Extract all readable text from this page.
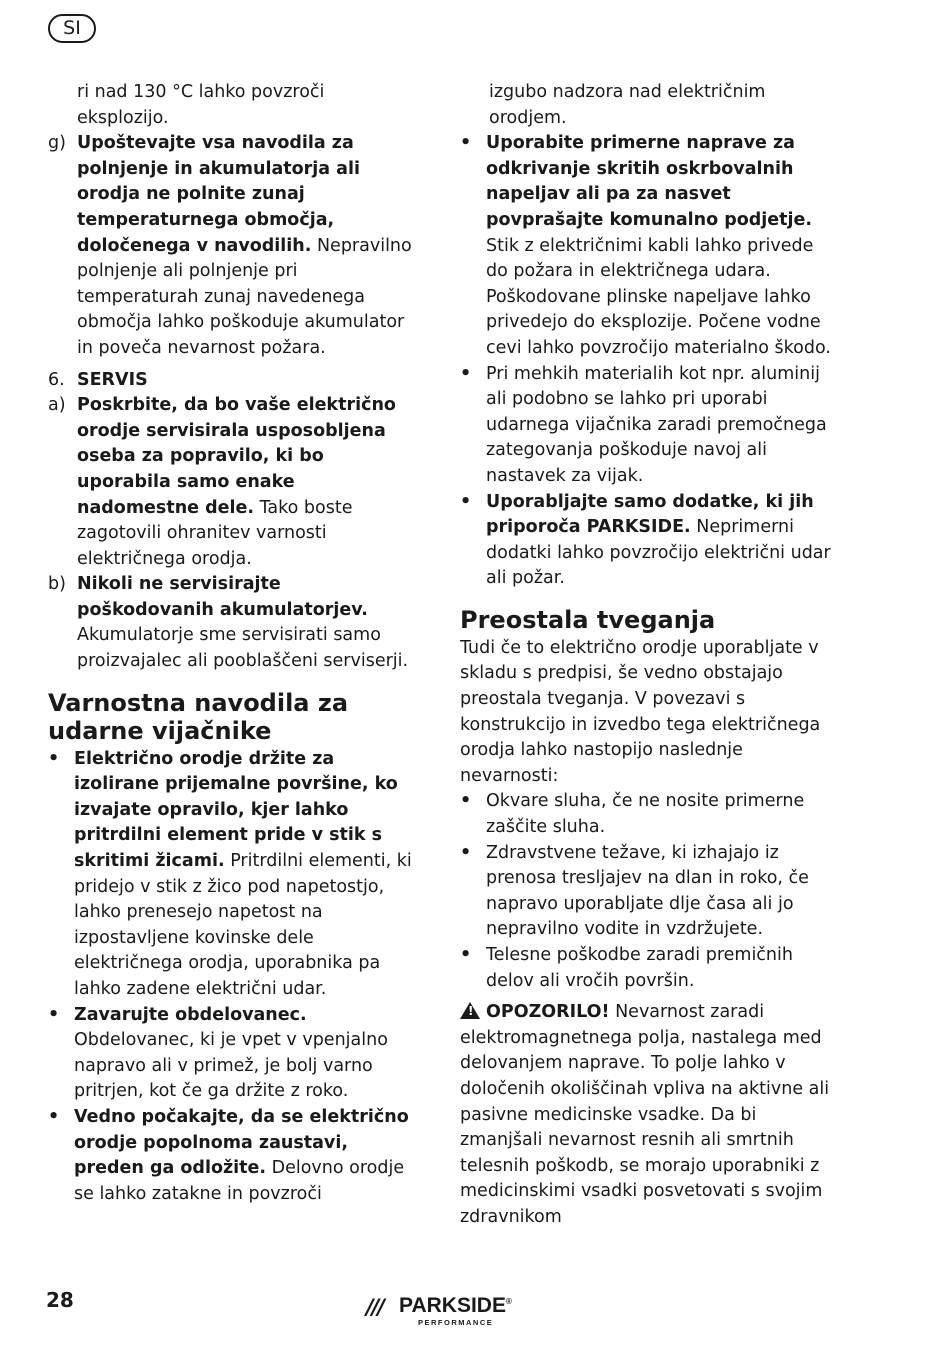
SI

ri nad 130 °C lahko povzroči eksplozijo.

g) Upoštevajte vsa navodila za polnjenje in akumulatorja ali orodja ne polnite zunaj temperaturnega območja, določenega v navodilih. Nepravilno polnjenje ali polnjenje pri temperaturah zunaj navedenega območja lahko poškoduje akumulator in poveča nevarnost požara.
6. SERVIS
a) Poskrbite, da bo vaše električno orodje servisirala usposobljena oseba za popravilo, ki bo uporabila samo enake nadomestne dele. Tako boste zagotovili ohranitev varnosti električnega orodja.
b) Nikoli ne servisirajte poškodovanih akumulatorjev. Akumulatorje sme servisirati samo proizvajalec ali pooblaščeni serviserji.
Varnostna navodila za udarne vijačnike
• Električno orodje držite za izolirane prijemalne površine, ko izvajate opravilo, kjer lahko pritrdilni element pride v stik s skritimi žicami. Pritrdilni elementi, ki pridejo v stik z žico pod napetostjo, lahko prenesejo napetost na izpostavljene kovinske dele električnega orodja, uporabnika pa lahko zadene električni udar.
• Zavarujte obdelovanec. Obdelovanec, ki je vpet v vpenjalno napravo ali v primež, je bolj varno pritrjen, kot če ga držite z roko.
• Vedno počakajte, da se električno orodje popolnoma zaustavi, preden ga odložite. Delovno orodje se lahko zatakne in povzroči

izgubo nadzora nad električnim orodjem.

• Uporabite primerne naprave za odkrivanje skritih oskrbovalnih napeljav ali pa za nasvet povprašajte komunalno podjetje. Stik z električnimi kabli lahko privede do požara in električnega udara. Poškodovane plinske napeljave lahko privedejo do eksplozije. Počene vodne cevi lahko povzročijo materialno škodo.
• Pri mehkih materialih kot npr. aluminij ali podobno se lahko pri uporabi udarnega vijačnika zaradi premočnega zategovanja poškoduje navoj ali nastavek za vijak.
• Uporabljajte samo dodatke, ki jih priporoča PARKSIDE. Neprimerni dodatki lahko povzročijo električni udar ali požar.
Preostala tveganja

Tudi če to električno orodje uporabljate v skladu s predpisi, še vedno obstajajo preostala tveganja. V povezavi s konstrukcijo in izvedbo tega električnega orodja lahko nastopijo naslednje nevarnosti:

• Okvare sluha, če ne nosite primerne zaščite sluha.
• Zdravstvene težave, ki izhajajo iz prenosa tresljajev na dlan in roko, če napravo uporabljate dlje časa ali jo nepravilno vodite in vzdržujete.
• Telesne poškodbe zaradi premičnih delov ali vročih površin.

!OPOZORILO! Nevarnost zaradi elektromagnetnega polja, nastalega med delovanjem naprave. To polje lahko v določenih okoliščinah vpliva na aktivne ali pasivne medicinske vsadke. Da bi zmanjšali nevarnost resnih ali smrtnih telesnih poškodb, se morajo uporabniki z medicinskimi vsadki posvetovati s svojim zdravnikom

28	/// PARKSIDE®
PERFORMANCE
